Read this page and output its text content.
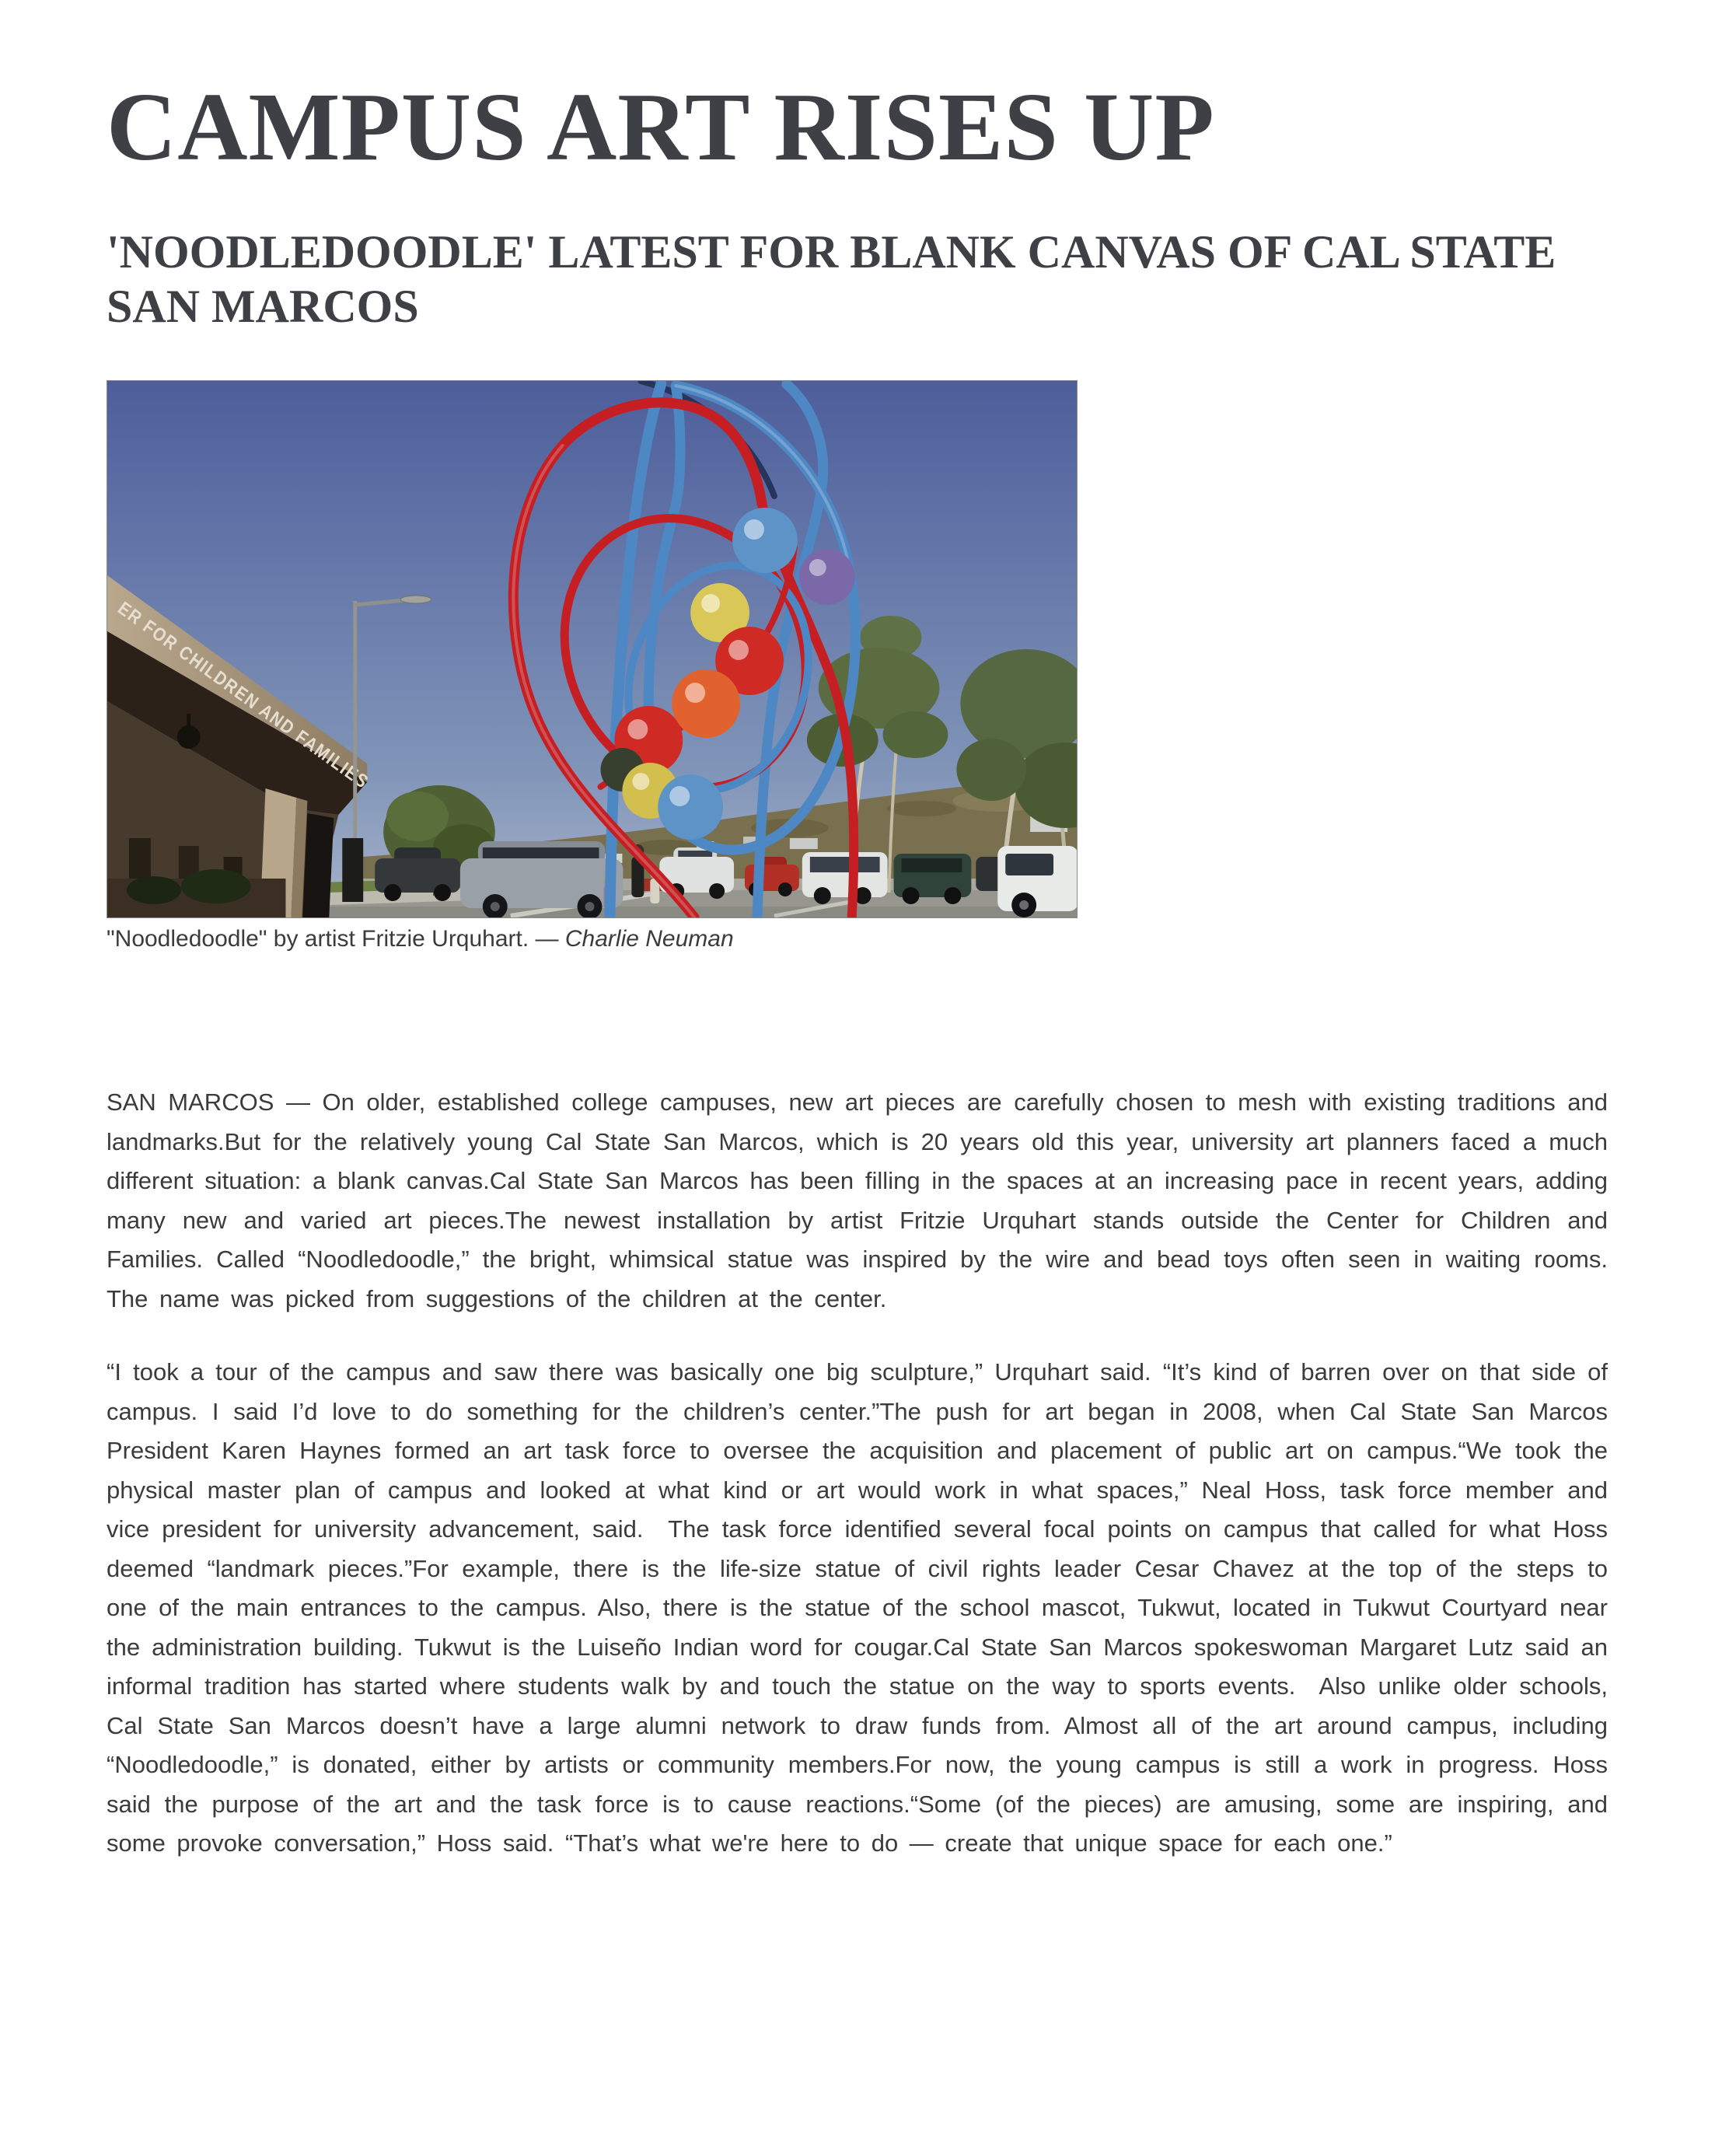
CAMPUS ART RISES UP
'NOODLEDOODLE' LATEST FOR BLANK CANVAS OF CAL STATE
SAN MARCOS
ER FOR CHILDREN AND FAMILIES
"Noodledoodle" by artist Fritzie Urquhart. — Charlie Neuman

SAN MARCOS — On older, established college campuses, new art pieces are carefully chosen to mesh with existing traditions and landmarks.But for the relatively young Cal State San Marcos, which is 20 years old this year, university art planners faced a much different situation: a blank canvas.Cal State San Marcos has been filling in the spaces at an increasing pace in recent years, adding many new and varied art pieces.The newest installation by artist Fritzie Urquhart stands outside the Center for Children and Families. Called “Noodledoodle,” the bright, whimsical statue was inspired by the wire and bead toys often seen in waiting rooms. The name was picked from suggestions of the children at the center.

“I took a tour of the campus and saw there was basically one big sculpture,” Urquhart said. “It’s kind of barren over on that side of campus. I said I’d love to do something for the children’s center.”The push for art began in 2008, when Cal State San Marcos President Karen Haynes formed an art task force to oversee the acquisition and placement of public art on campus.“We took the physical master plan of campus and looked at what kind or art would work in what spaces,” Neal Hoss, task force member and vice president for university advancement, said.  The task force identified several focal points on campus that called for what Hoss deemed “landmark pieces.”For example, there is the life-size statue of civil rights leader Cesar Chavez at the top of the steps to one of the main entrances to the campus. Also, there is the statue of the school mascot, Tukwut, located in Tukwut Courtyard near the administration building. Tukwut is the Luiseño Indian word for cougar.Cal State San Marcos spokeswoman Margaret Lutz said an informal tradition has started where students walk by and touch the statue on the way to sports events.  Also unlike older schools, Cal State San Marcos doesn’t have a large alumni network to draw funds from. Almost all of the art around campus, including “Noodledoodle,” is donated, either by artists or community members.For now, the young campus is still a work in progress. Hoss said the purpose of the art and the task force is to cause reactions.“Some (of the pieces) are amusing, some are inspiring, and some provoke conversation,” Hoss said. “That’s what we're here to do — create that unique space for each one.”
